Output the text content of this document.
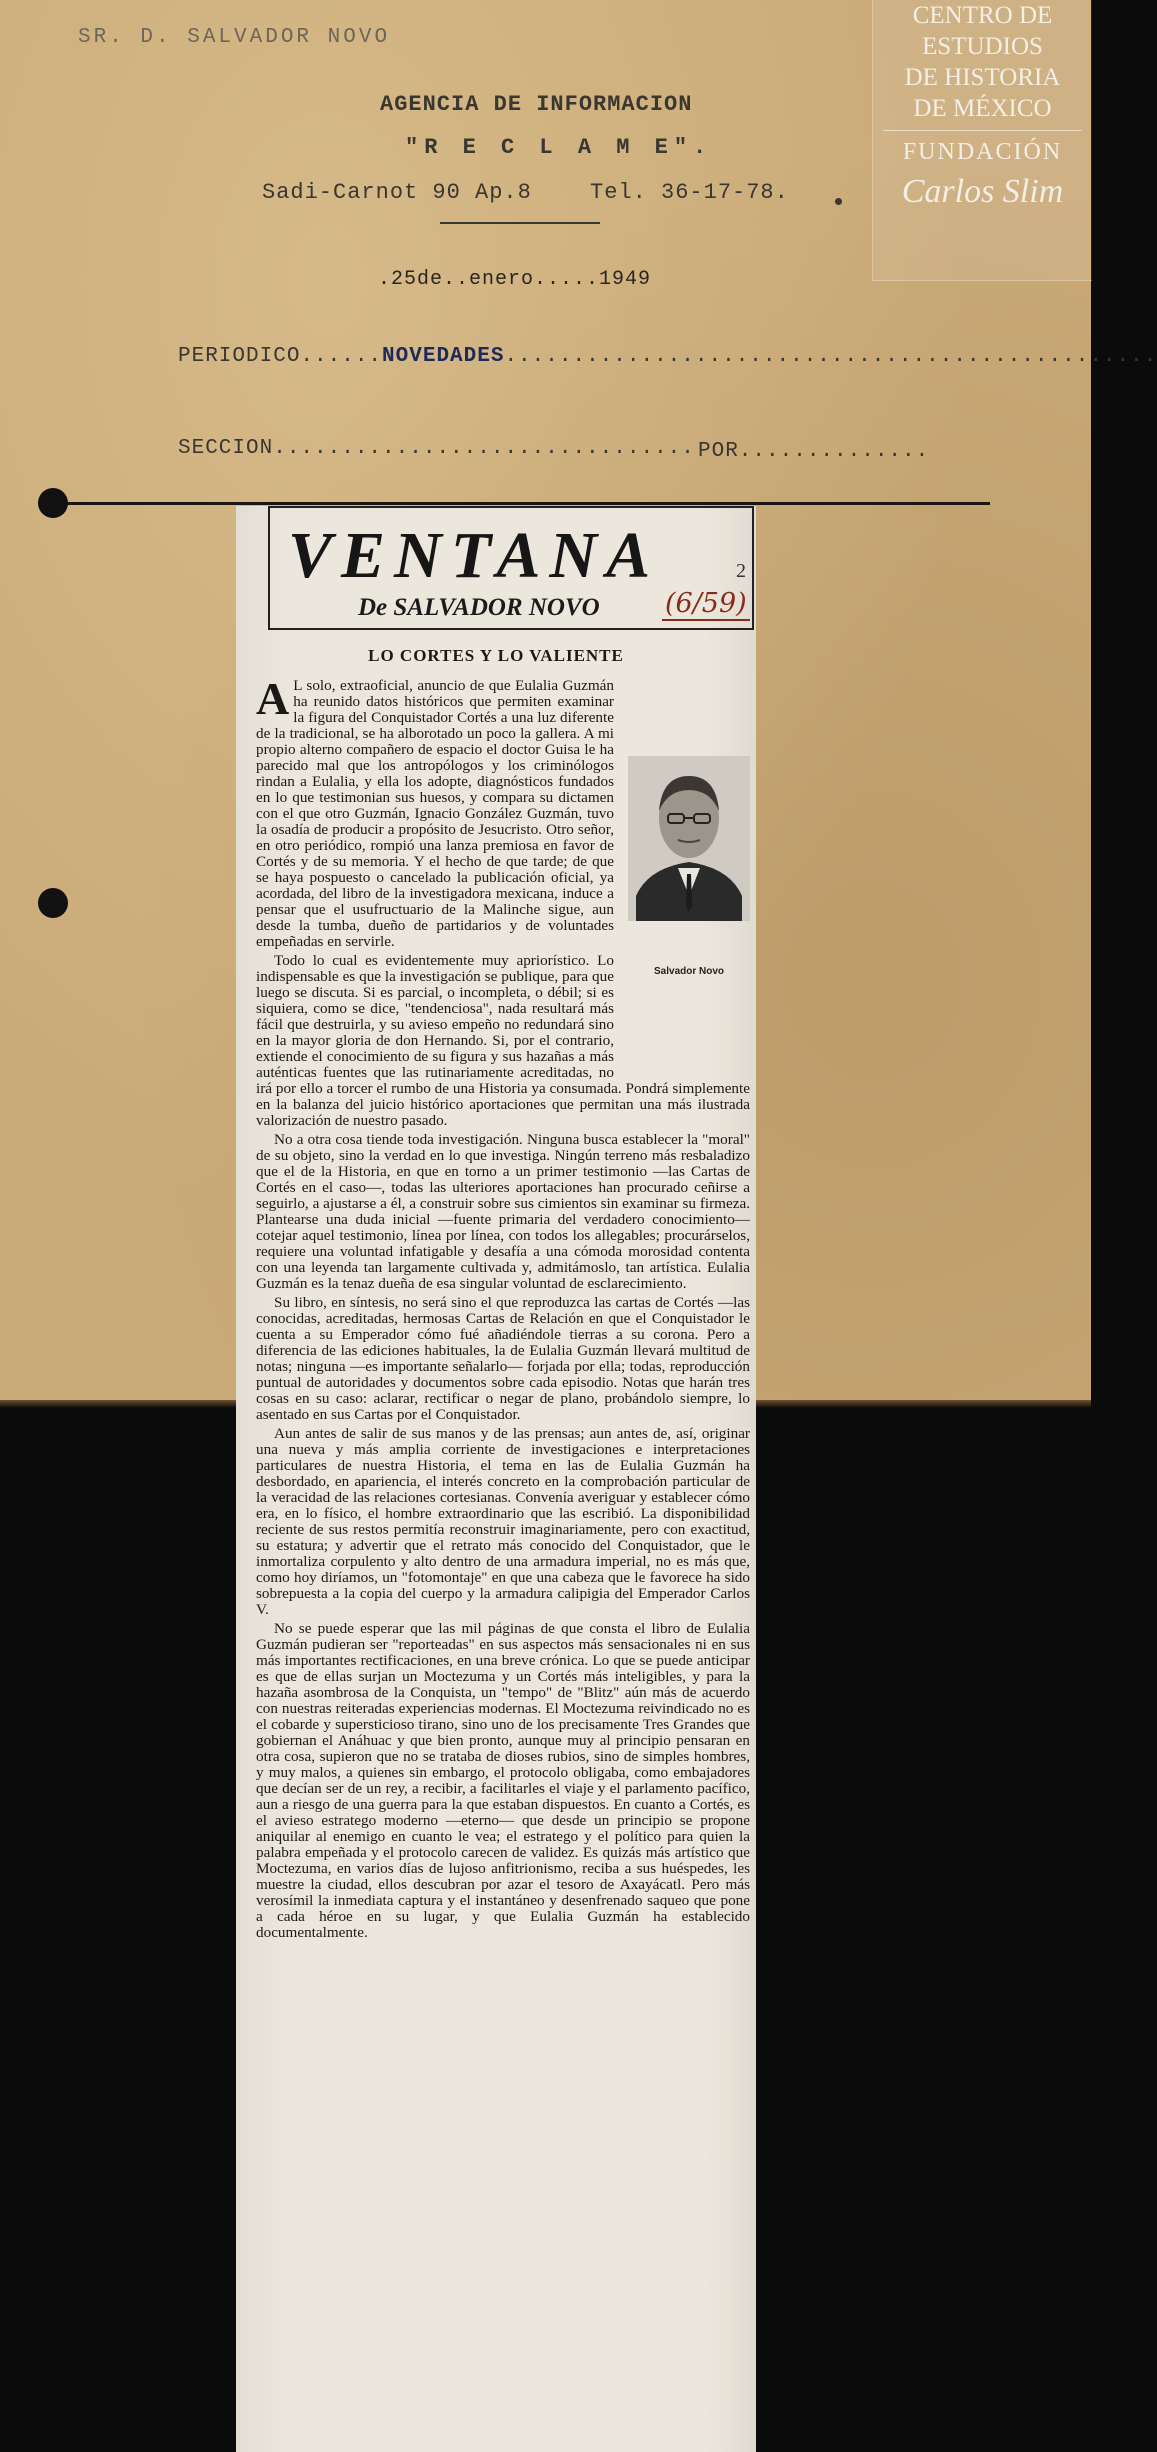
SR. D. SALVADOR NOVO
AGENCIA DE INFORMACION
"R E C L A M E".
Sadi-Carnot 90 Ap.8	Tel. 36-17-78.
.25de..enero.....1949
PERIODICO......NOVEDADES................................................
SECCION............................... POR..............
CENTRO DE
ESTUDIOS
DE HISTORIA
DE MÉXICO
FUNDACIÓN
Carlos Slim
VENTANA
De SALVADOR NOVO
2
(6/59)
LO CORTES Y LO VALIENTE
Salvador Novo

A L solo, extraoficial, anuncio de que Eulalia Guzmán ha reunido datos históricos que permiten examinar la figura del Conquistador Cortés a una luz diferente de la tradicional, se ha alborotado un poco la gallera. A mi propio alterno compañero de espacio el doctor Guisa le ha parecido mal que los antropólogos y los criminólogos rindan a Eulalia, y ella los adopte, diagnósticos fundados en lo que testimonian sus huesos, y compara su dictamen con el que otro Guzmán, Ignacio González Guzmán, tuvo la osadía de producir a propósito de Jesucristo. Otro señor, en otro periódico, rompió una lanza premiosa en favor de Cortés y de su memoria. Y el hecho de que tarde; de que se haya pospuesto o cancelado la publicación oficial, ya acordada, del libro de la investigadora mexicana, induce a pensar que el usufructuario de la Malinche sigue, aun desde la tumba, dueño de partidarios y de voluntades empeñadas en servirle.

Todo lo cual es evidentemente muy apriorístico. Lo indispensable es que la investigación se publique, para que luego se discuta. Si es parcial, o incompleta, o débil; si es siquiera, como se dice, "tendenciosa", nada resultará más fácil que destruirla, y su avieso empeño no redundará sino en la mayor gloria de don Hernando. Si, por el contrario, extiende el conocimiento de su figura y sus hazañas a más auténticas fuentes que las rutinariamente acreditadas, no irá por ello a torcer el rumbo de una Historia ya consumada. Pondrá simplemente en la balanza del juicio histórico aportaciones que permitan una más ilustrada valorización de nuestro pasado.

No a otra cosa tiende toda investigación. Ninguna busca establecer la "moral" de su objeto, sino la verdad en lo que investiga. Ningún terreno más resbaladizo que el de la Historia, en que en torno a un primer testimonio —las Cartas de Cortés en el caso—, todas las ulteriores aportaciones han procurado ceñirse a seguirlo, a ajustarse a él, a construir sobre sus cimientos sin examinar su firmeza. Plantearse una duda inicial —fuente primaria del verdadero conocimiento— cotejar aquel testimonio, línea por línea, con todos los allegables; procurárselos, requiere una voluntad infatigable y desafía a una cómoda morosidad contenta con una leyenda tan largamente cultivada y, admitámoslo, tan artística. Eulalia Guzmán es la tenaz dueña de esa singular voluntad de esclarecimiento.

Su libro, en síntesis, no será sino el que reproduzca las cartas de Cortés —las conocidas, acreditadas, hermosas Cartas de Relación en que el Conquistador le cuenta a su Emperador cómo fué añadiéndole tierras a su corona. Pero a diferencia de las ediciones habituales, la de Eulalia Guzmán llevará multitud de notas; ninguna —es importante señalarlo— forjada por ella; todas, reproducción puntual de autoridades y documentos sobre cada episodio. Notas que harán tres cosas en su caso: aclarar, rectificar o negar de plano, probándolo siempre, lo asentado en sus Cartas por el Conquistador.

Aun antes de salir de sus manos y de las prensas; aun antes de, así, originar una nueva y más amplia corriente de investigaciones e interpretaciones particulares de nuestra Historia, el tema en las de Eulalia Guzmán ha desbordado, en apariencia, el interés concreto en la comprobación particular de la veracidad de las relaciones cortesianas. Convenía averiguar y establecer cómo era, en lo físico, el hombre extraordinario que las escribió. La disponibilidad reciente de sus restos permitía reconstruir imaginariamente, pero con exactitud, su estatura; y advertir que el retrato más conocido del Conquistador, que le inmortaliza corpulento y alto dentro de una armadura imperial, no es más que, como hoy diríamos, un "fotomontaje" en que una cabeza que le favorece ha sido sobrepuesta a la copia del cuerpo y la armadura calipigia del Emperador Carlos V.

No se puede esperar que las mil páginas de que consta el libro de Eulalia Guzmán pudieran ser "reporteadas" en sus aspectos más sensacionales ni en sus más importantes rectificaciones, en una breve crónica. Lo que se puede anticipar es que de ellas surjan un Moctezuma y un Cortés más inteligibles, y para la hazaña asombrosa de la Conquista, un "tempo" de "Blitz" aún más de acuerdo con nuestras reiteradas experiencias modernas. El Moctezuma reivindicado no es el cobarde y supersticioso tirano, sino uno de los precisamente Tres Grandes que gobiernan el Anáhuac y que bien pronto, aunque muy al principio pensaran en otra cosa, supieron que no se trataba de dioses rubios, sino de simples hombres, y muy malos, a quienes sin embargo, el protocolo obligaba, como embajadores que decían ser de un rey, a recibir, a facilitarles el viaje y el parlamento pacífico, aun a riesgo de una guerra para la que estaban dispuestos. En cuanto a Cortés, es el avieso estratego moderno —eterno— que desde un principio se propone aniquilar al enemigo en cuanto le vea; el estratego y el político para quien la palabra empeñada y el protocolo carecen de validez. Es quizás más artístico que Moctezuma, en varios días de lujoso anfitrionismo, reciba a sus huéspedes, les muestre la ciudad, ellos descubran por azar el tesoro de Axayácatl. Pero más verosímil la inmediata captura y el instantáneo y desenfrenado saqueo que pone a cada héroe en su lugar, y que Eulalia Guzmán ha establecido documentalmente.
